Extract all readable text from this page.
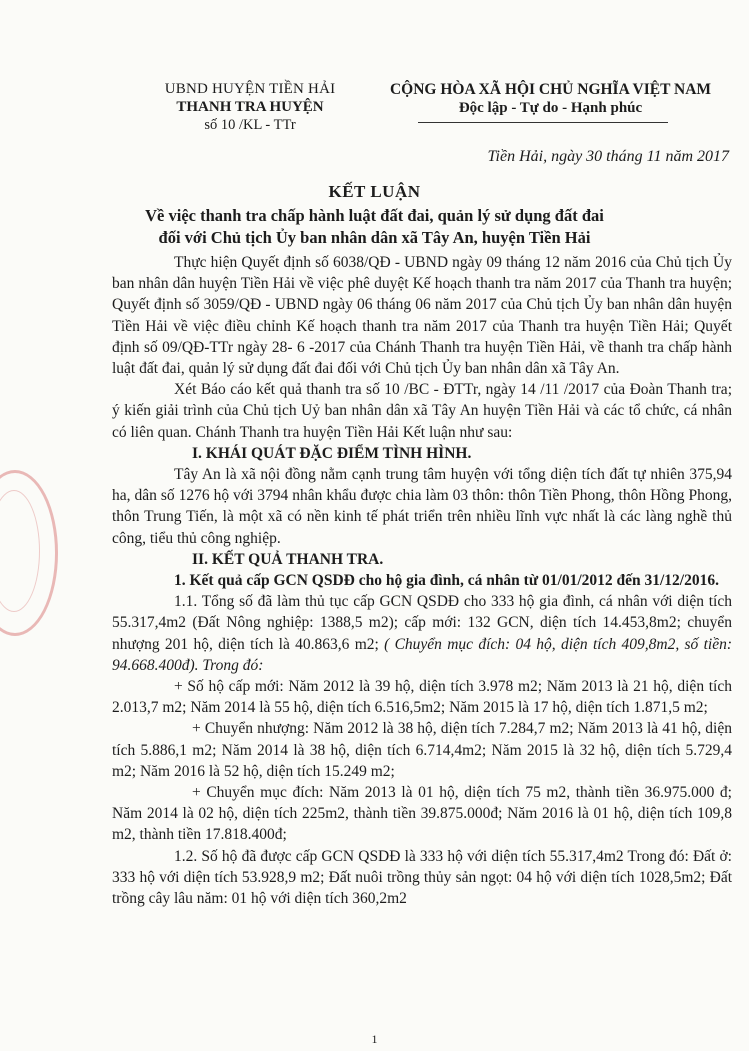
UBND HUYỆN TIỀN HẢI
THANH TRA HUYỆN
số 10 /KL - TTr
CỘNG HÒA XÃ HỘI CHỦ NGHĨA VIỆT NAM
Độc lập - Tự do - Hạnh phúc
Tiền Hải, ngày 30 tháng 11 năm 2017
KẾT LUẬN
Về việc thanh tra chấp hành luật đất đai, quản lý sử dụng đất đai
đối với Chủ tịch Ủy ban nhân dân xã Tây An, huyện Tiền Hải

Thực hiện Quyết định số 6038/QĐ - UBND ngày 09 tháng 12 năm 2016 của Chủ tịch Ủy ban nhân dân huyện Tiền Hải về việc phê duyệt Kế hoạch thanh tra năm 2017 của Thanh tra huyện; Quyết định số 3059/QĐ - UBND ngày 06 tháng 06 năm 2017 của Chủ tịch Ủy ban nhân dân huyện Tiền Hải về việc điều chỉnh Kế hoạch thanh tra năm 2017 của Thanh tra huyện Tiền Hải; Quyết định số 09/QĐ-TTr ngày 28- 6 -2017 của Chánh Thanh tra huyện Tiền Hải, về thanh tra chấp hành luật đất đai, quản lý sử dụng đất đai đối với Chủ tịch Ủy ban nhân dân xã Tây An.

Xét Báo cáo kết quả thanh tra số 10 /BC - ĐTTr, ngày 14 /11 /2017 của Đoàn Thanh tra; ý kiến giải trình của Chủ tịch Uỷ ban nhân dân xã Tây An huyện Tiền Hải và các tổ chức, cá nhân có liên quan. Chánh Thanh tra huyện Tiền Hải Kết luận như sau:

I. KHÁI QUÁT ĐẶC ĐIỂM TÌNH HÌNH.

Tây An là xã nội đồng nằm cạnh trung tâm huyện với tổng diện tích đất tự nhiên 375,94 ha, dân số 1276 hộ với 3794 nhân khẩu được chia làm 03 thôn: thôn Tiền Phong, thôn Hồng Phong, thôn Trung Tiến, là một xã có nền kinh tế phát triển trên nhiều lĩnh vực nhất là các làng nghề thủ công, tiểu thủ công nghiệp.

II. KẾT QUẢ THANH TRA.

1. Kết quả cấp GCN QSDĐ cho hộ gia đình, cá nhân từ 01/01/2012 đến 31/12/2016.

1.1. Tổng số đã làm thủ tục cấp GCN QSDĐ cho 333 hộ gia đình, cá nhân với diện tích 55.317,4m2 (Đất Nông nghiệp: 1388,5 m2); cấp mới: 132 GCN, diện tích 14.453,8m2; chuyển nhượng 201 hộ, diện tích là 40.863,6 m2; ( Chuyển mục đích: 04 hộ, diện tích 409,8m2, số tiền: 94.668.400đ). Trong đó:

+ Số hộ cấp mới: Năm 2012 là 39 hộ, diện tích 3.978 m2; Năm 2013 là 21 hộ, diện tích 2.013,7 m2; Năm 2014 là 55 hộ, diện tích 6.516,5m2; Năm 2015 là 17 hộ, diện tích 1.871,5 m2;

+ Chuyển nhượng: Năm 2012 là 38 hộ, diện tích 7.284,7 m2; Năm 2013 là 41 hộ, diện tích 5.886,1 m2; Năm 2014 là 38 hộ, diện tích 6.714,4m2; Năm 2015 là 32 hộ, diện tích 5.729,4 m2; Năm 2016 là 52 hộ, diện tích 15.249 m2;

+ Chuyển mục đích: Năm 2013 là 01 hộ, diện tích 75 m2, thành tiền 36.975.000 đ; Năm 2014 là 02 hộ, diện tích 225m2, thành tiền 39.875.000đ; Năm 2016 là 01 hộ, diện tích 109,8 m2, thành tiền 17.818.400đ;

1.2. Số hộ đã được cấp GCN QSDĐ là 333 hộ với diện tích 55.317,4m2 Trong đó: Đất ở: 333 hộ với diện tích 53.928,9 m2; Đất nuôi trồng thủy sản ngọt: 04 hộ với diện tích 1028,5m2; Đất trồng cây lâu năm: 01 hộ với diện tích 360,2m2

1
